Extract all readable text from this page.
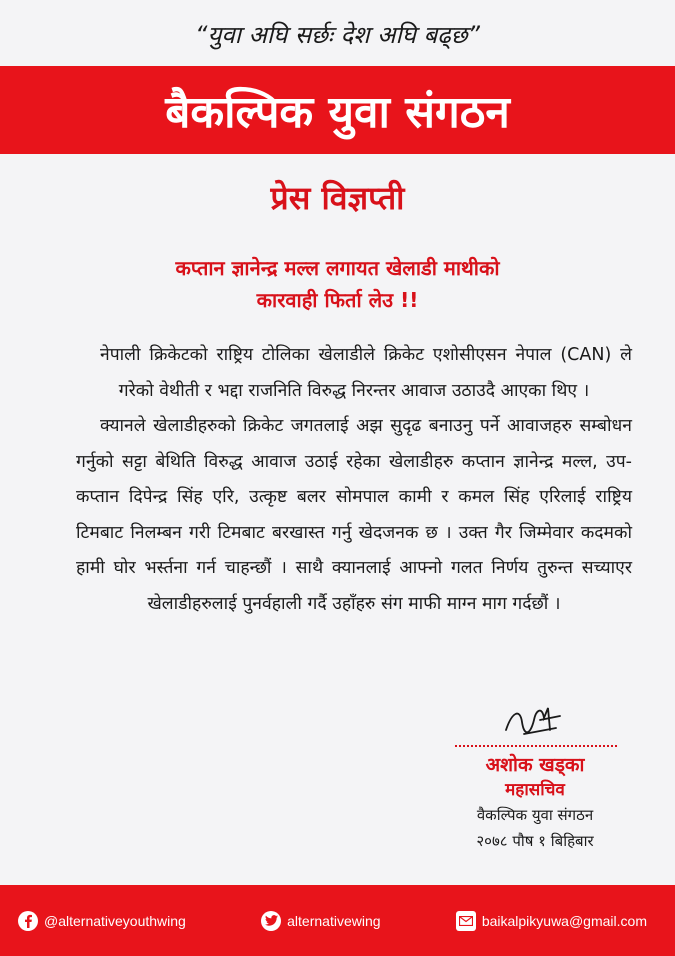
“युवा अघि सर्छः देश अघि बढ्छ”
बैकल्पिक युवा संगठन
प्रेस विज्ञप्ती
कप्तान ज्ञानेन्द्र मल्ल लगायत खेलाडी माथीको
कारवाही फिर्ता लेउ !!

नेपाली क्रिकेटको राष्ट्रिय टोलिका खेलाडीले क्रिकेट एशोसीएसन नेपाल (CAN) ले गरेको वेथीती र भद्दा राजनिति विरुद्ध निरन्तर आवाज उठाउदै आएका थिए ।

क्यानले खेलाडीहरुको क्रिकेट जगतलाई अझ सुदृढ बनाउनु पर्ने आवाजहरु सम्बोधन गर्नुको सट्टा बेथिति विरुद्ध आवाज उठाई रहेका खेलाडीहरु कप्तान ज्ञानेन्द्र मल्ल, उप-कप्तान दिपेन्द्र सिंह एरि, उत्कृष्ट बलर सोमपाल कामी र कमल सिंह एरिलाई राष्ट्रिय टिमबाट निलम्बन गरी टिमबाट बरखास्त गर्नु खेदजनक छ । उक्त गैर जिम्मेवार कदमको हामी घोर भर्स्तना गर्न चाहन्छौं । साथै क्यानलाई आफ्नो गलत निर्णय तुरुन्त सच्याएर खेलाडीहरुलाई पुनर्वहाली गर्दै उहाँहरु संग माफी माग्न माग गर्दछौं ।

अशोक खड्का
महासचिव
वैकल्पिक युवा संगठन
२०७८ पौष १ बिहिबार
@alternativeyouthwing	alternativewing	baikalpikyuwa@gmail.com
